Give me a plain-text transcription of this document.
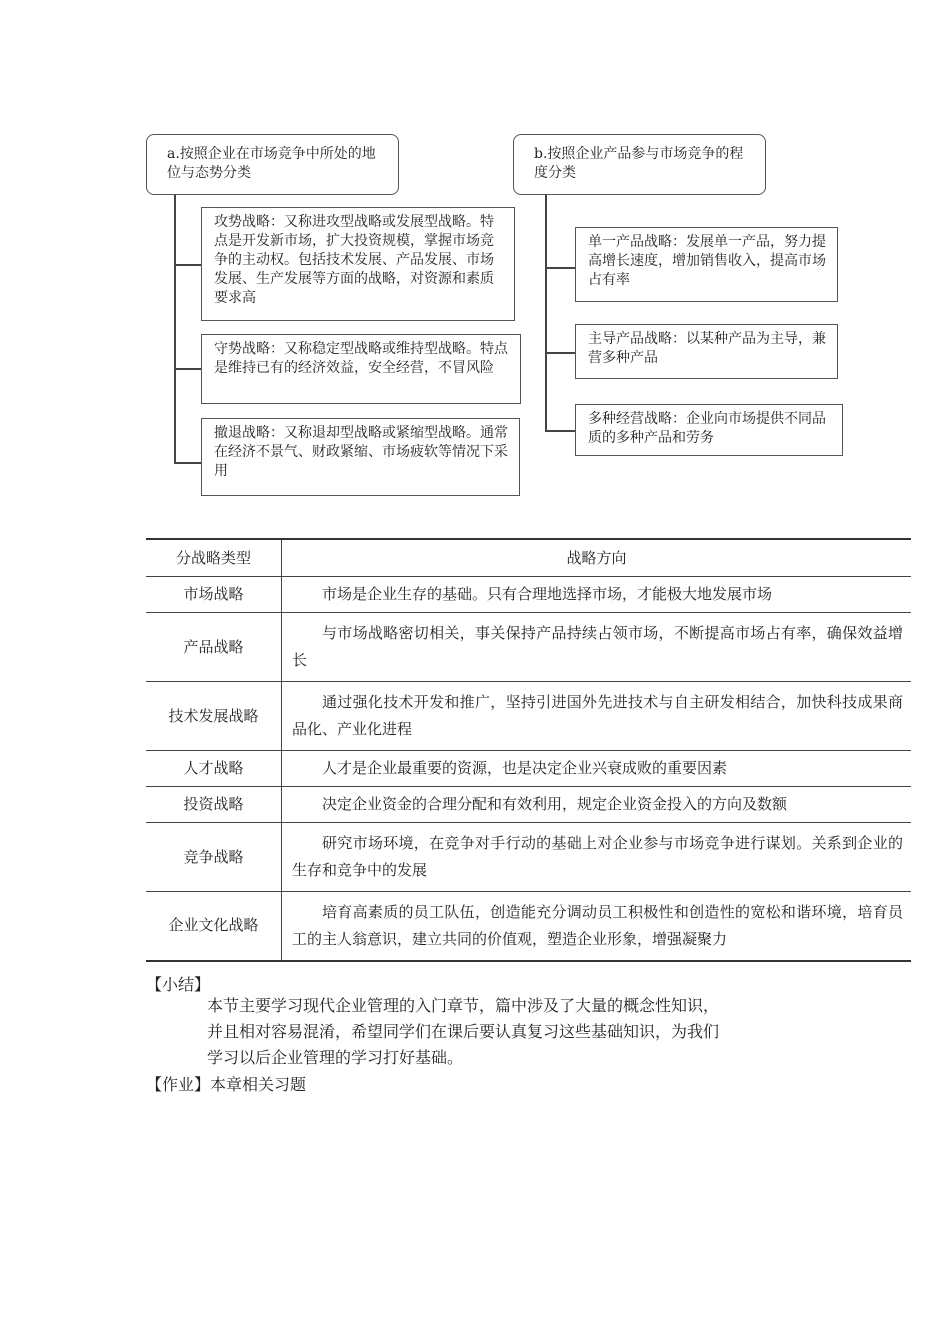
a.按照企业在市场竞争中所处的地位与态势分类
攻势战略：又称进攻型战略或发展型战略。特点是开发新市场，扩大投资规模，掌握市场竞争的主动权。包括技术发展、产品发展、市场发展、生产发展等方面的战略，对资源和素质要求高
守势战略：又称稳定型战略或维持型战略。特点是维持已有的经济效益，安全经营，不冒风险
撤退战略：又称退却型战略或紧缩型战略。通常在经济不景气、财政紧缩、市场疲软等情况下采用
b.按照企业产品参与市场竞争的程度分类
单一产品战略：发展单一产品，努力提高增长速度，增加销售收入，提高市场占有率
主导产品战略：以某种产品为主导，兼营多种产品
多种经营战略：企业向市场提供不同品质的多种产品和劳务
分战略类型	战略方向
市场战略	市场是企业生存的基础。只有合理地选择市场，才能极大地发展市场
产品战略	与市场战略密切相关，事关保持产品持续占领市场，不断提高市场占有率，确保效益增长
技术发展战略	通过强化技术开发和推广，坚持引进国外先进技术与自主研发相结合，加快科技成果商品化、产业化进程
人才战略	人才是企业最重要的资源，也是决定企业兴衰成败的重要因素
投资战略	决定企业资金的合理分配和有效利用，规定企业资金投入的方向及数额
竞争战略	研究市场环境，在竞争对手行动的基础上对企业参与市场竞争进行谋划。关系到企业的生存和竞争中的发展
企业文化战略	培育高素质的员工队伍，创造能充分调动员工积极性和创造性的宽松和谐环境，培育员工的主人翁意识，建立共同的价值观，塑造企业形象，增强凝聚力
【小结】
本节主要学习现代企业管理的入门章节，篇中涉及了大量的概念性知识，
并且相对容易混淆，希望同学们在课后要认真复习这些基础知识，为我们
学习以后企业管理的学习打好基础。
【作业】本章相关习题
